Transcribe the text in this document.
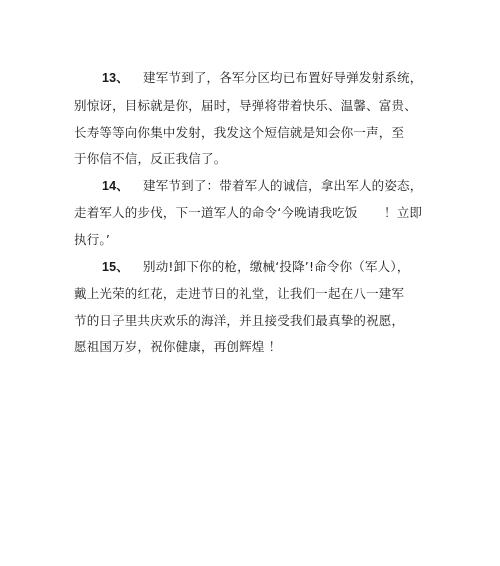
13、 建军节到了，各军分区均已布置好导弹发射系统，
别惊讶，目标就是你，届时，导弹将带着快乐、温馨、富贵、
长寿等等向你集中发射，我发这个短信就是知会你一声，至
于你信不信，反正我信了。
14、 建军节到了：带着军人的诚信，拿出军人的姿态，
走着军人的步伐，下一道军人的命令‘今晚请我吃饭 ！立即
执行。’
15、 别动!卸下你的枪，缴械‘投降’!命令你（军人），
戴上光荣的红花，走进节日的礼堂，让我们一起在八一建军
节的日子里共庆欢乐的海洋，并且接受我们最真挚的祝愿，
愿祖国万岁，祝你健康，再创辉煌 ！
